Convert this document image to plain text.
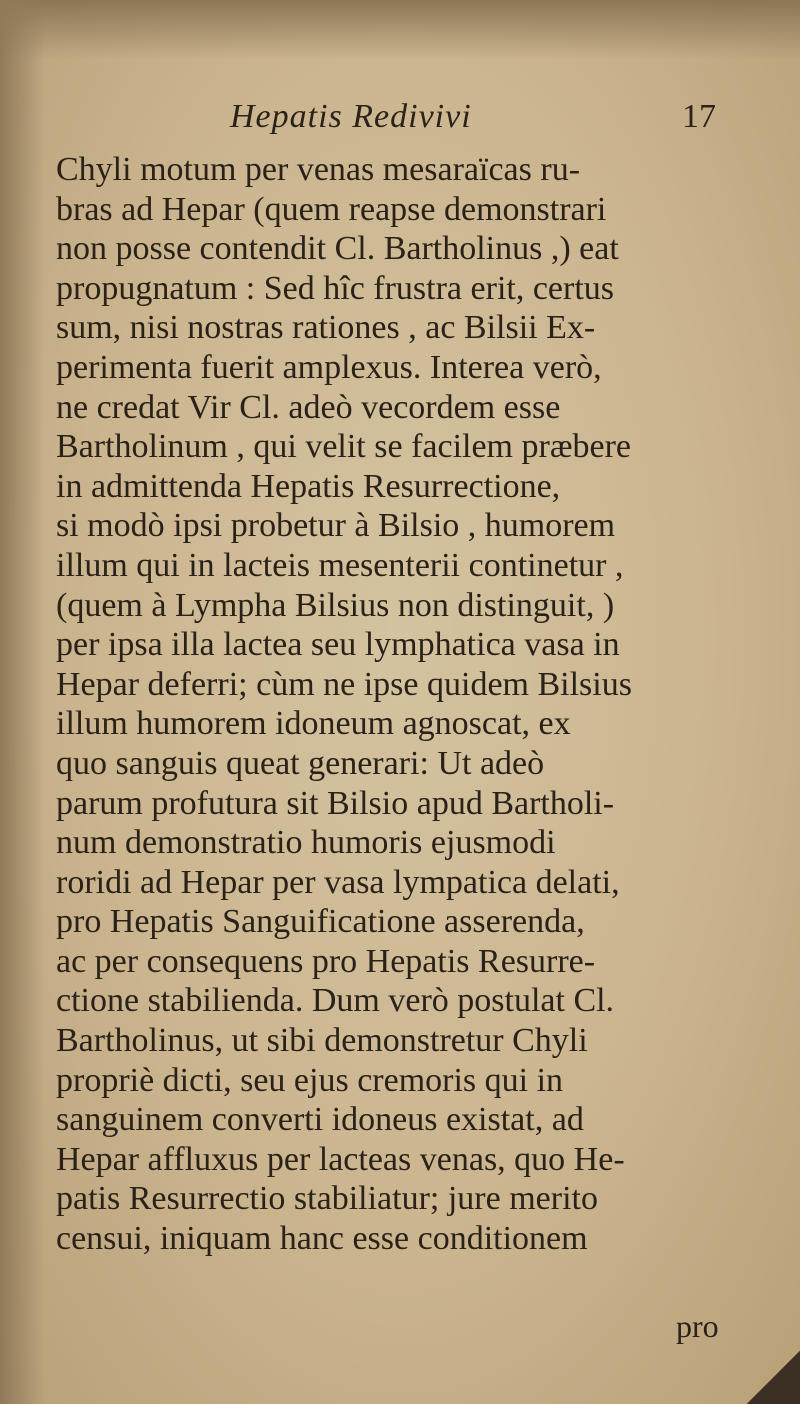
Hepatis Redivivi	17
Chyli motum per venas mesaraïcas ru-
bras ad Hepar (quem reapse demonstrari
non posse contendit Cl. Bartholinus ,) eat
propugnatum : Sed hîc frustra erit, certus
sum, nisi nostras rationes , ac Bilsii Ex-
perimenta fuerit amplexus. Interea verò,
ne credat Vir Cl. adeò vecordem esse
Bartholinum , qui velit se facilem præbere
in admittenda Hepatis Resurrectione,
si modò ipsi probetur à Bilsio , humorem
illum qui in lacteis mesenterii continetur ,
(quem à Lympha Bilsius non distinguit, )
per ipsa illa lactea seu lymphatica vasa in
Hepar deferri; cùm ne ipse quidem Bilsius
illum humorem idoneum agnoscat, ex
quo sanguis queat generari: Ut adeò
parum profutura sit Bilsio apud Bartholi-
num demonstratio humoris ejusmodi
roridi ad Hepar per vasa lympatica delati,
pro Hepatis Sanguificatione asserenda,
ac per consequens pro Hepatis Resurre-
ctione stabilienda. Dum verò postulat Cl.
Bartholinus, ut sibi demonstretur Chyli
propriè dicti, seu ejus cremoris qui in
sanguinem converti idoneus existat, ad
Hepar affluxus per lacteas venas, quo He-
patis Resurrectio stabiliatur; jure merito
censui, iniquam hanc esse conditionem
pro
